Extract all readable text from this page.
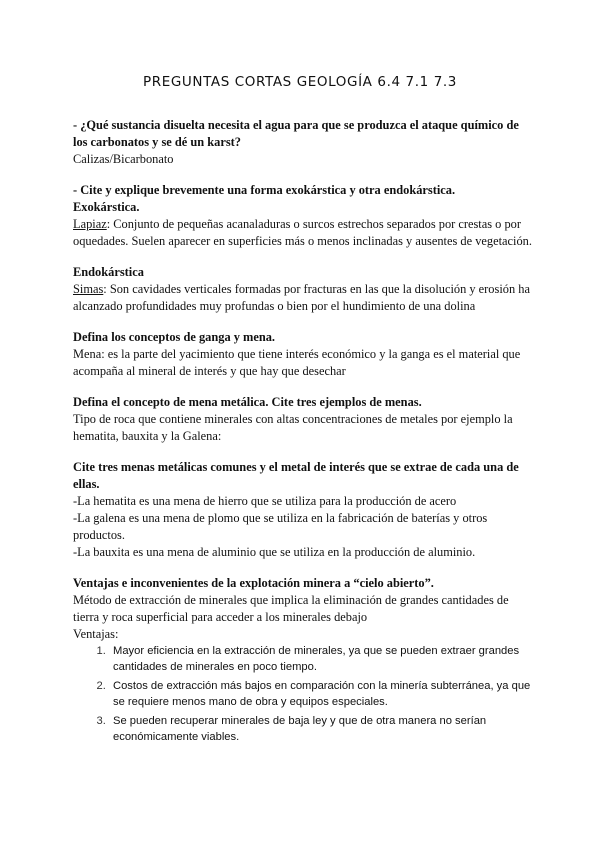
PREGUNTAS CORTAS GEOLOGÍA 6.4 7.1 7.3

- ¿Qué sustancia disuelta necesita el agua para que se produzca el ataque químico de los carbonatos y se dé un karst?

Calizas/Bicarbonato

- Cite y explique brevemente una forma exokárstica y otra endokárstica.

Exokárstica.

Lapiaz: Conjunto de pequeñas acanaladuras o surcos estrechos separados por crestas o por oquedades. Suelen aparecer en superficies más o menos inclinadas y ausentes de vegetación.

Endokárstica

Simas: Son cavidades verticales formadas por fracturas en las que la disolución y erosión ha alcanzado profundidades muy profundas o bien por el hundimiento de una dolina

Defina los conceptos de ganga y mena.

Mena: es la parte del yacimiento que tiene interés económico y la ganga es el material que acompaña al mineral de interés y que hay que desechar

Defina el concepto de mena metálica. Cite tres ejemplos de menas.

Tipo de roca que contiene minerales con altas concentraciones de metales por ejemplo la hematita, bauxita y la Galena:

Cite tres menas metálicas comunes y el metal de interés que se extrae de cada una de ellas.

-La hematita es una mena de hierro que se utiliza para la producción de acero

-La galena es una mena de plomo que se utiliza en la fabricación de baterías y otros productos.

-La bauxita es una mena de aluminio que se utiliza en la producción de aluminio.

Ventajas e inconvenientes de la explotación minera a “cielo abierto”.

Método de extracción de minerales que implica la eliminación de grandes cantidades de tierra y roca superficial para acceder a los minerales debajo

Ventajas:

1. Mayor eficiencia en la extracción de minerales, ya que se pueden extraer grandes cantidades de minerales en poco tiempo.
2. Costos de extracción más bajos en comparación con la minería subterránea, ya que se requiere menos mano de obra y equipos especiales.
3. Se pueden recuperar minerales de baja ley y que de otra manera no serían económicamente viables.
